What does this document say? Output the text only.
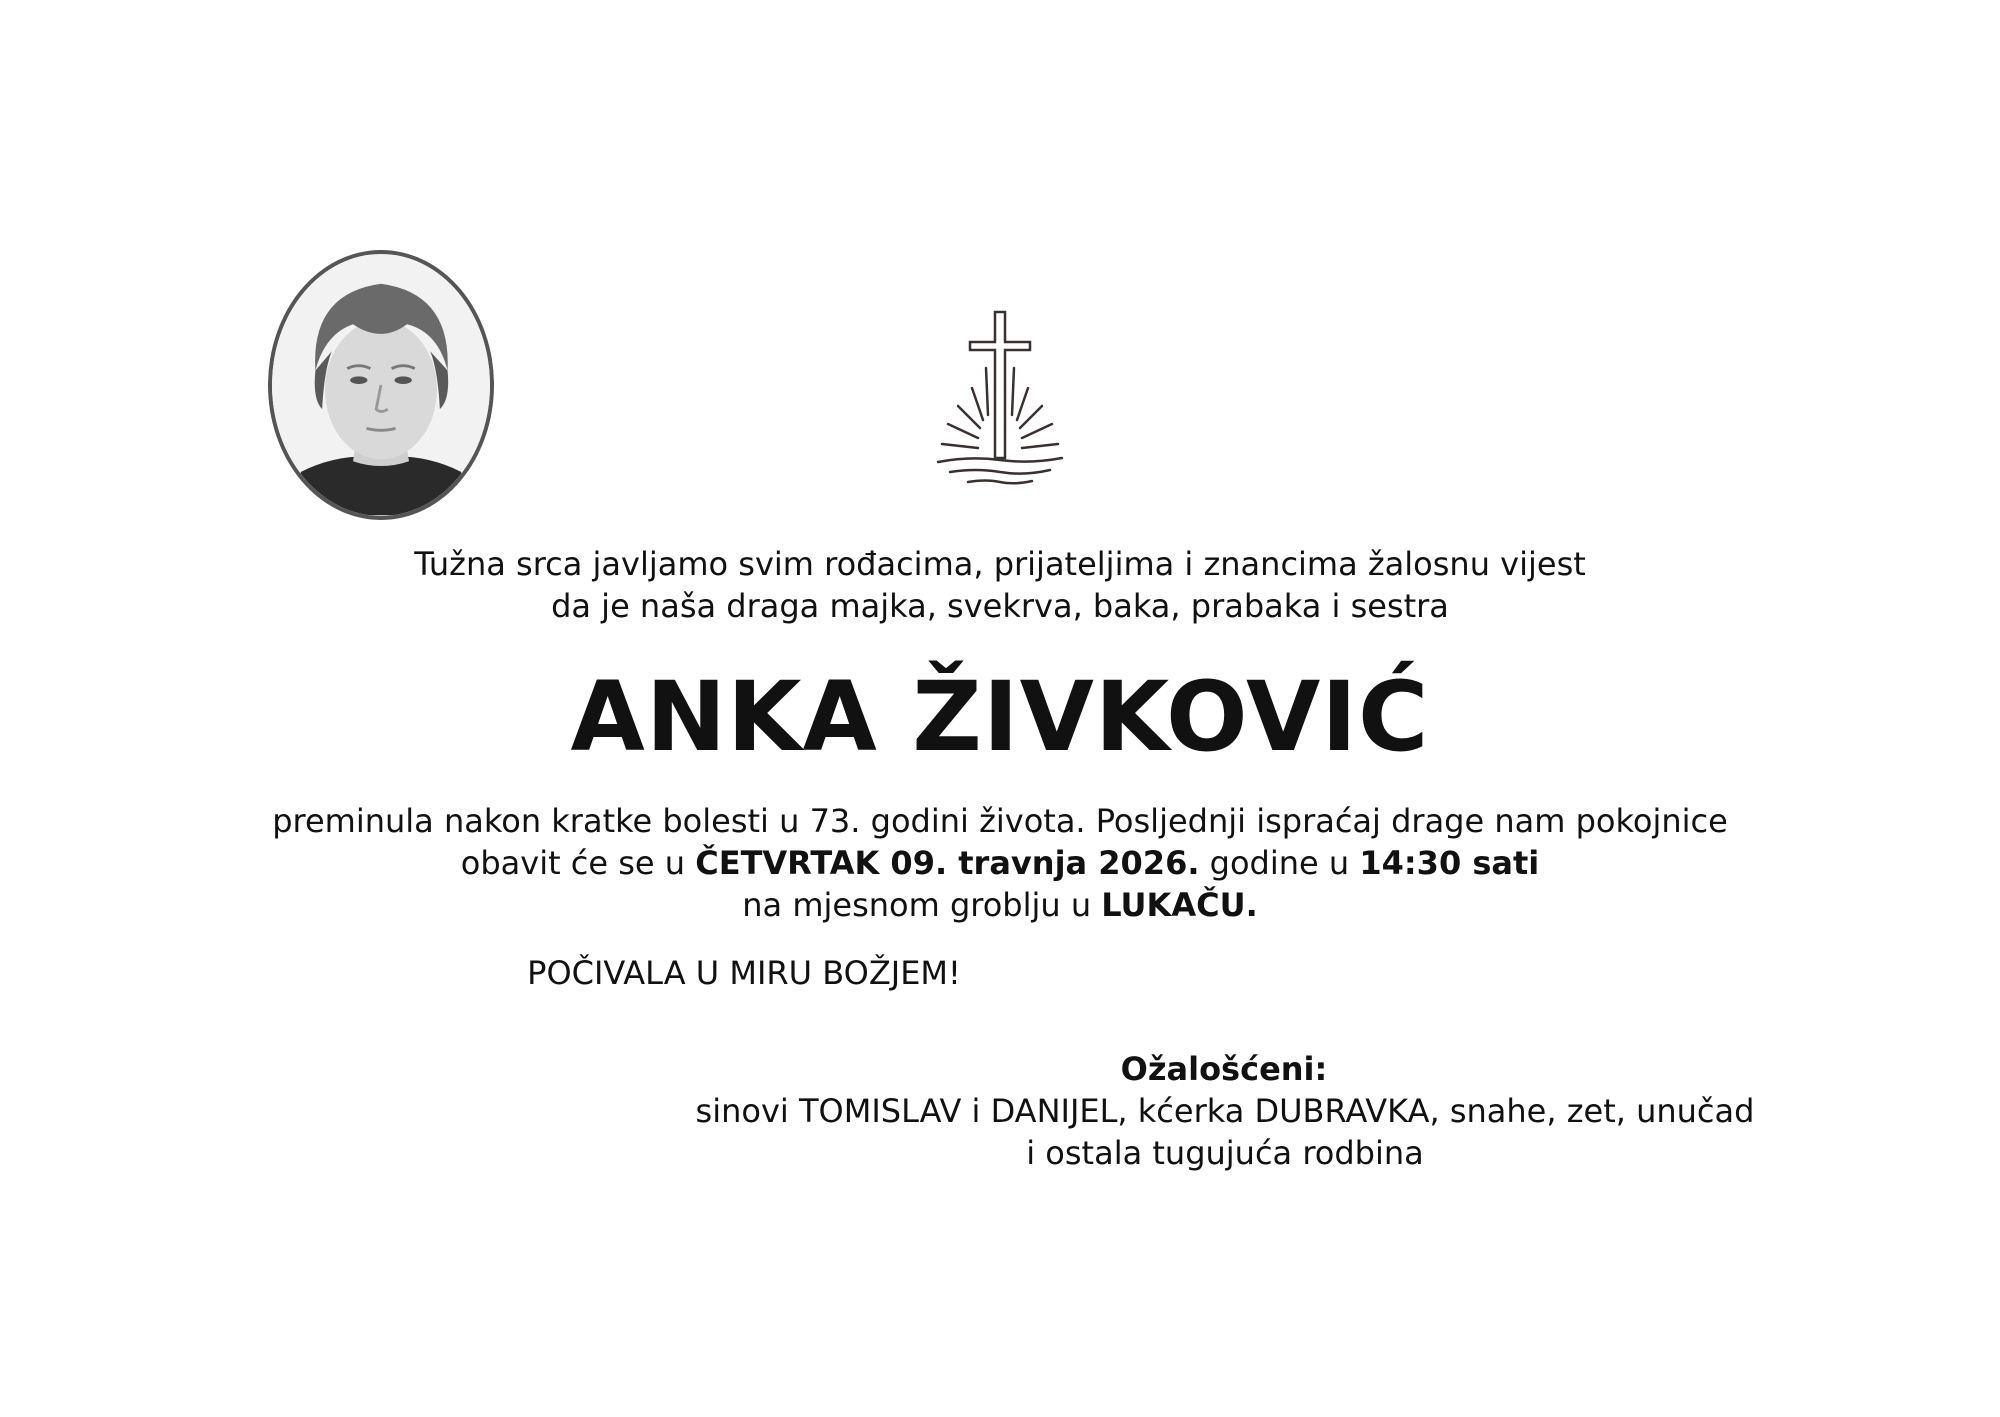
Tužna srca javljamo svim rođacima, prijateljima i znancima žalosnu vijest
da je naša draga majka, svekrva, baka, prabaka i sestra
ANKA ŽIVKOVIĆ
preminula nakon kratke bolesti u 73. godini života. Posljednji ispraćaj drage nam pokojnice
obavit će se u ČETVRTAK 09. travnja 2026. godine u 14:30 sati
na mjesnom groblju u LUKAČU.
POČIVALA U MIRU BOŽJEM!
Ožalošćeni:
sinovi TOMISLAV i DANIJEL, kćerka DUBRAVKA, snahe, zet, unučad
i ostala tugujuća rodbina
